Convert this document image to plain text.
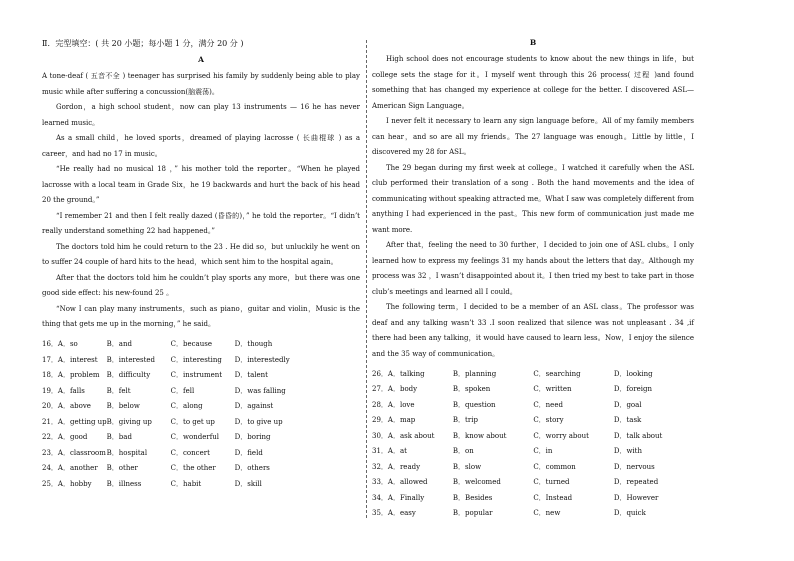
Ⅱ．完型填空：( 共 20 小题；每小题 1 分，满分 20 分 )
A

A tone-deaf ( 五音不全 ) teenager has surprised his family by suddenly being able to play music while after suffering a concussion(脑震荡)。

Gordon，a high school student，now can play 13 instruments — 16 he has never learned music。

As a small child，he loved sports，dreamed of playing lacrosse ( 长曲棍球 ) as a career，and had no 17 in music。

“He really had no musical 18 ，” his mother told the reporter。“When he played lacrosse with a local team in Grade Six，he 19 backwards and hurt the back of his head 20 the ground。”

“I remember 21 and then I felt really dazed (昏昏的)，” he told the reporter。“I didn’t really understand something 22 had happened。”

The doctors told him he could return to the 23 . He did so，but unluckily he went on to suffer 24 couple of hard hits to the head，which sent him to the hospital again。

After that the doctors told him he couldn’t play sports any more，but there was one good side effect: his new-found 25 。

“Now I can play many instruments，such as piano，guitar and violin，Music is the thing that gets me up in the morning，” he said。

16．A．so	B．and	C．because	D．though
17．A．interest	B．interested	C．interesting	D．interestedly
18．A．problem	B．difficulty	C．instrument	D．talent
19．A．falls	B．felt	C．fell	D．was falling
20．A．above	B．below	C．along	D．against
21．A．getting up	B．giving up	C．to get up	D．to give up
22．A．good	B．bad	C．wonderful	D．boring
23．A．classroom	B．hospital	C．concert	D．field
24．A．another	B．other	C．the other	D．others
25．A．hobby	B．illness	C．habit	D．skill
B

High school does not encourage students to know about the new things in life，but college sets the stage for it。I myself went through this 26 process( 过程 )and found something that has changed my experience at college for the better. I discovered ASL—American Sign Language。

I never felt it necessary to learn any sign language before。All of my family members can hear，and so are all my friends。The 27 language was enough。Little by little，I discovered my 28 for ASL。

The 29 began during my first week at college。I watched it carefully when the ASL club performed their translation of a song . Both the hand movements and the idea of communicating without speaking attracted me。What I saw was completely different from anything I had experienced in the past。This new form of communication just made me want more.

After that，feeling the need to 30 further，I decided to join one of ASL clubs。I only learned how to express my feelings 31 my hands about the letters that day。Although my process was 32 ，I wasn’t disappointed about it。I then tried my best to take part in those club’s meetings and learned all I could。

The following term，I decided to be a member of an ASL class。The professor was deaf and any talking wasn’t 33 .I soon realized that silence was not unpleasant . 34 ,if there had been any talking，it would have caused to learn less。Now，I enjoy the silence and the 35 way of communication。

26．A．talking	B．planning	C．searching	D．looking
27．A．body	B．spoken	C．written	D．foreign
28．A．love	B．question	C．need	D．goal
29．A．map	B．trip	C．story	D．task
30．A．ask about	B．know about	C．worry about	D．talk about
31．A．at	B．on	C．in	D．with
32．A．ready	B．slow	C．common	D．nervous
33．A．allowed	B．welcomed	C．turned	D．repeated
34．A．Finally	B．Besides	C．Instead	D．However
35．A．easy	B．popular	C．new	D．quick
